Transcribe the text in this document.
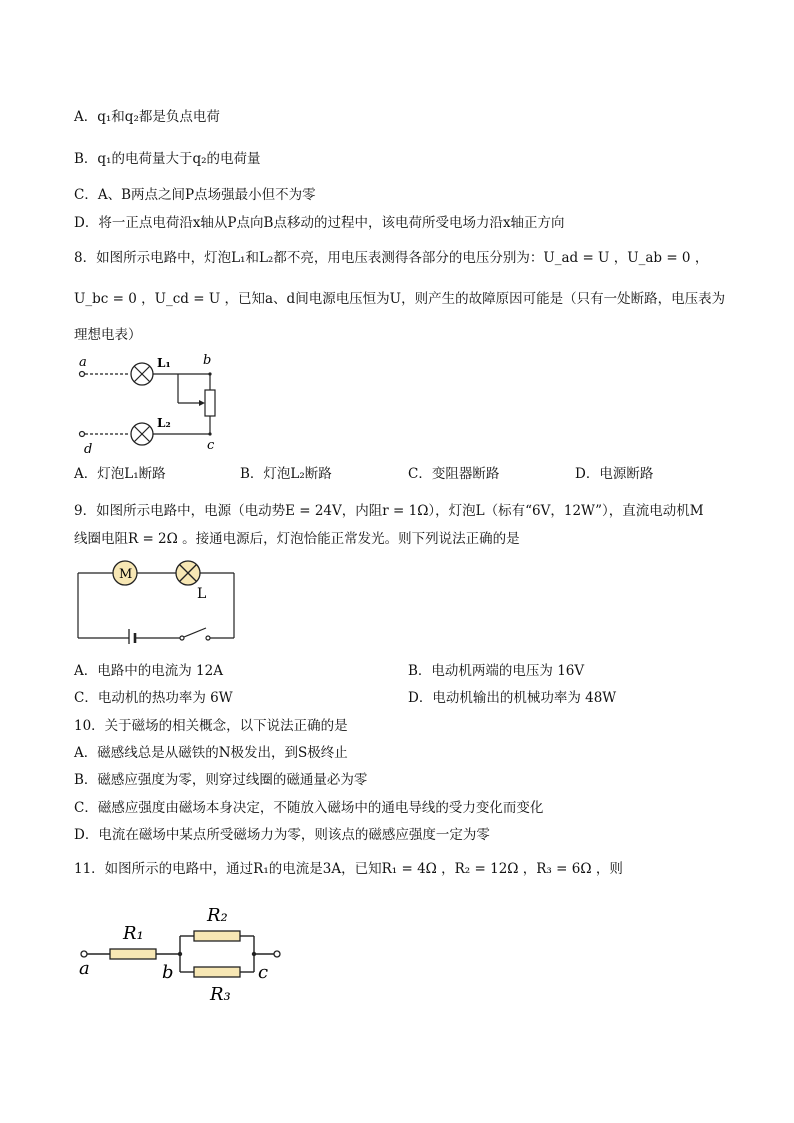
A．q₁和q₂都是负点电荷
B．q₁的电荷量大于q₂的电荷量
C．A、B两点之间P点场强最小但不为零
D．将一正点电荷沿x轴从P点向B点移动的过程中，该电荷所受电场力沿x轴正方向
8．如图所示电路中，灯泡L₁和L₂都不亮，用电压表测得各部分的电压分别为：U_ad = U ，U_ab = 0 ，
U_bc = 0 ，U_cd = U ，已知a、d间电源电压恒为U，则产生的故障原因可能是（只有一处断路，电压表为
理想电表）
a	b
L₁
L₂
c
d
A．灯泡L₁断路	B．灯泡L₂断路	C．变阻器断路	D．电源断路
9．如图所示电路中，电源（电动势E = 24V，内阻r = 1Ω），灯泡L（标有“6V，12W”），直流电动机M
线圈电阻R = 2Ω 。接通电源后，灯泡恰能正常发光。则下列说法正确的是
M
L
A．电路中的电流为 12A	B．电动机两端的电压为 16V
C．电动机的热功率为 6W	D．电动机输出的机械功率为 48W
10．关于磁场的相关概念，以下说法正确的是
A．磁感线总是从磁铁的N极发出，到S极终止
B．磁感应强度为零，则穿过线圈的磁通量必为零
C．磁感应强度由磁场本身决定，不随放入磁场中的通电导线的受力变化而变化
D．电流在磁场中某点所受磁场力为零，则该点的磁感应强度一定为零
11．如图所示的电路中，通过R₁的电流是3A，已知R₁ = 4Ω ，R₂ = 12Ω ，R₃ = 6Ω ，则
R₁
R₂
R₃
a	b	c
